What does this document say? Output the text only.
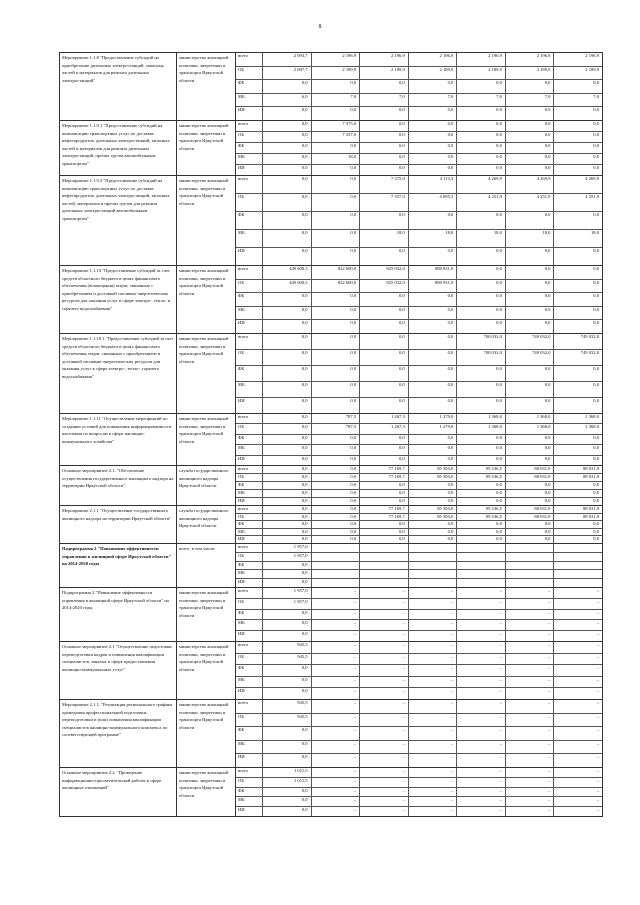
8
Мероприятие 1.1.8 "Предоставление субсидий на приобретение дизельных электростанций, запасных частей к материалов для ремонта дизельных электростанций"
министерство жилищной политики, энергетики и транспорта Иркутской области
всего	2 093,7	2 196,9	2 196,9	2 196,9	2 196,9	2 196,9	2 196,9
ОБ	2 087,7	2 189,9	2 189,9	2 189,9	2 189,9	2 189,9	2 189,9
ФБ	0,0	0,0	0,0	0,0	0,0	0,0	0,0
МБ	6,0	7,0	7,0	7,0	7,0	7,0	7,0
ИИ	0,0	0,0	0,0	0,0	0,0	0,0	0,0
Мероприятие 1.1.9.1 "Предоставление субсидий на компенсацию транспортных услуг по доставке нефтепродуктов, дизельных электростанций, запасных частей и материалов для ремонта дизельных электростанций, прочих грузов автомобильным транспортом"
министерство жилищной политики, энергетики и транспорта Иркутской области
всего	0,0	7 375,0	0,0	0,0	0,0	0,0	0,0
ОБ	0,0	7 357,0	0,0	0,0	0,0	0,0	0,0
ФБ	0,0	0,0	0,0	0,0	0,0	0,0	0,0
МБ	0,0	18,0	0,0	0,0	0,0	0,0	0,0
ИИ	0,0	0,0	0,0	0,0	0,0	0,0	0,0
Мероприятие 1.1.9.2 "Предоставление субсидий на компенсацию транспортных услуг по доставке нефтепродуктов, дизельных электростанций, запасных частей, материалов и прочих грузов для ремонта дизельных электростанций автомобильным транспортом"
министерство жилищной политики, энергетики и транспорта Иркутской области
всего	0,0	0,0	7 375,0	4 113,3	4 269,9	4 269,9	4 269,9
ОБ	0,0	0,0	7 357,0	4 095,3	4 251,9	4 251,9	4 251,9
ФБ	0,0	0,0	0,0	0,0	0,0	0,0	0,0
МБ	0,0	0,0	18,0	18,0	18,0	18,0	18,0
ИИ	0,0	0,0	0,0	0,0	0,0	0,0	0,0
Мероприятие 1.1.10 "Предоставление субсидий за счет средств областного бюджета в целях финансового обеспечения (возмещения) затрат, связанных с приобретением и доставкой топливно-энергетических ресурсов для оказания услуг в сфере электро-, тепло- и горячего водоснабжения"
министерство жилищной политики, энергетики и транспорта Иркутской области
всего	449 600,3	822 600,0	825 032,0	888 931,9	0,0	0,0	0,0
ОБ	449 600,3	822 600,0	825 032,0	888 931,9	0,0	0,0	0,0
ФБ	0,0	0,0	0,0	0,0	0,0	0,0	0,0
МБ	0,0	0,0	0,0	0,0	0,0	0,0	0,0
ИИ	0,0	0,0	0,0	0,0	0,0	0,0	0,0
Мероприятие 1.1.10.1 "Предоставление субсидий за счет средств областного бюджета в целях финансового обеспечения затрат, связанных с приобретением и доставкой топливно-энергетических ресурсов для оказания услуг в сфере электро-, тепло-, горячего водоснабжения"
министерство жилищной политики, энергетики и транспорта Иркутской области
всего	0,0	0,0	0,0	0,0	700 032,0	749 032,0	749 032,0
ОБ	0,0	0,0	0,0	0,0	700 032,0	749 032,0	749 032,0
ФБ	0,0	0,0	0,0	0,0	0,0	0,0	0,0
МБ	0,0	0,0	0,0	0,0	0,0	0,0	0,0
ИИ	0,0	0,0	0,0	0,0	0,0	0,0	0,0
Мероприятие 1.1.11 "Осуществление мероприятий по созданию условий для повышения информированности населения по вопросам в сфере жилищно-коммунального хозяйства"
министерство жилищной политики, энергетики и транспорта Иркутской области
всего	0,0	787,5	1 267,3	1 279,0	1 368,0	1 368,0	1 368,0
ОБ	0,0	787,5	1 267,3	1 279,0	1 368,0	1 368,0	1 368,0
ФБ	0,0	0,0	0,0	0,0	0,0	0,0	0,0
МБ	0,0	0,0	0,0	0,0	0,0	0,0	0,0
ИИ	0,0	0,0	0,0	0,0	0,0	0,0	0,0
Основное мероприятие 2.1. "Обеспечение осуществления государственного жилищного надзора на территории Иркутской области"
служба государственного жилищного надзора Иркутской области
всего	0,0	0,0	77 169,7	85 393,0	99 536,5	88 031,9	88 031,9
ОБ	0,0	0,0	77 169,7	85 393,0	99 536,5	88 031,9	88 031,9
ФБ	0,0	0,0	0,0	0,0	0,0	0,0	0,0
МБ	0,0	0,0	0,0	0,0	0,0	0,0	0,0
ИИ	0,0	0,0	0,0	0,0	0,0	0,0	0,0
Мероприятие 2.1.1 "Осуществление государственного жилищного надзора на территории Иркутской области"
служба государственного жилищного надзора Иркутской области
всего	0,0	0,0	77 169,7	85 393,0	99 536,5	88 031,9	88 031,9
ОБ	0,0	0,0	77 169,7	85 393,0	99 536,5	88 031,9	88 031,9
ФБ	0,0	0,0	0,0	0,0	0,0	0,0	0,0
МБ	0,0	0,0	0,0	0,0	0,0	0,0	0,0
ИИ	0,0	0,0	0,0	0,0	0,0	0,0	0,0
Подпрограмма 2 "Повышение эффективности управления в жилищной сфере Иркутской области" на 2014-2020 годы
всего, в том числе:	всего	1 957,0
ОБ	1 957,0
ФБ	0,0
МБ	0,0
ИИ	0,0
Подпрограмма 2 "Повышение эффективности управления в жилищной сфере Иркутской области" на 2014-2020 годы
министерство жилищной политики, энергетики и транспорта Иркутской области
всего	1 957,0	–	–	–	–	–	–
ОБ	1 957,0	–	–	–	–	–	–
ФБ	0,0	–	–	–	–	–	–
МБ	0,0	–	–	–	–	–	–
ИИ	0,0	–	–	–	–	–	–
Основное мероприятие 2.1 "Осуществление подготовки, переподготовки кадров и повышения квалификации специалистов, занятых в сфере предоставления жилищно-коммунальных услуг"
министерство жилищной политики, энергетики и транспорта Иркутской области
всего	945,5	–	–	–	–	–	–
ОБ	945,5	–	–	–	–	–	–
ФБ	0,0	–	–	–	–	–	–
МБ	0,0	–	–	–	–	–	–
ИИ	0,0	–	–	–	–	–	–
Мероприятие 2.1.1. "Реализация регионального графика проведения профессиональной подготовки, переподготовки и (или) повышения квалификации специалистов жилищно-коммунального комплекса по соответствующей программе"
министерство жилищной политики, энергетики и транспорта Иркутской области
всего	945,5	–	–	–	–	–	–
ОБ	945,5	–	–	–	–	–	–
ФБ	0,0	–	–	–	–	–	–
МБ	0,0	–	–	–	–	–	–
ИИ	0,0	–	–	–	–	–	–
Основное мероприятие 2.2. "Проведение информационно-просветительской работы в сфере жилищных отношений"
министерство жилищной политики, энергетики и транспорта Иркутской области
всего	1 011,5	–	–	–	–	–	–
ОБ	1 011,5	–	–	–	–	–	–
ФБ	0,0	–	–	–	–	–	–
МБ	0,0	–	–	–	–	–	–
ИИ	0,0	–	–	–	–	–	–
